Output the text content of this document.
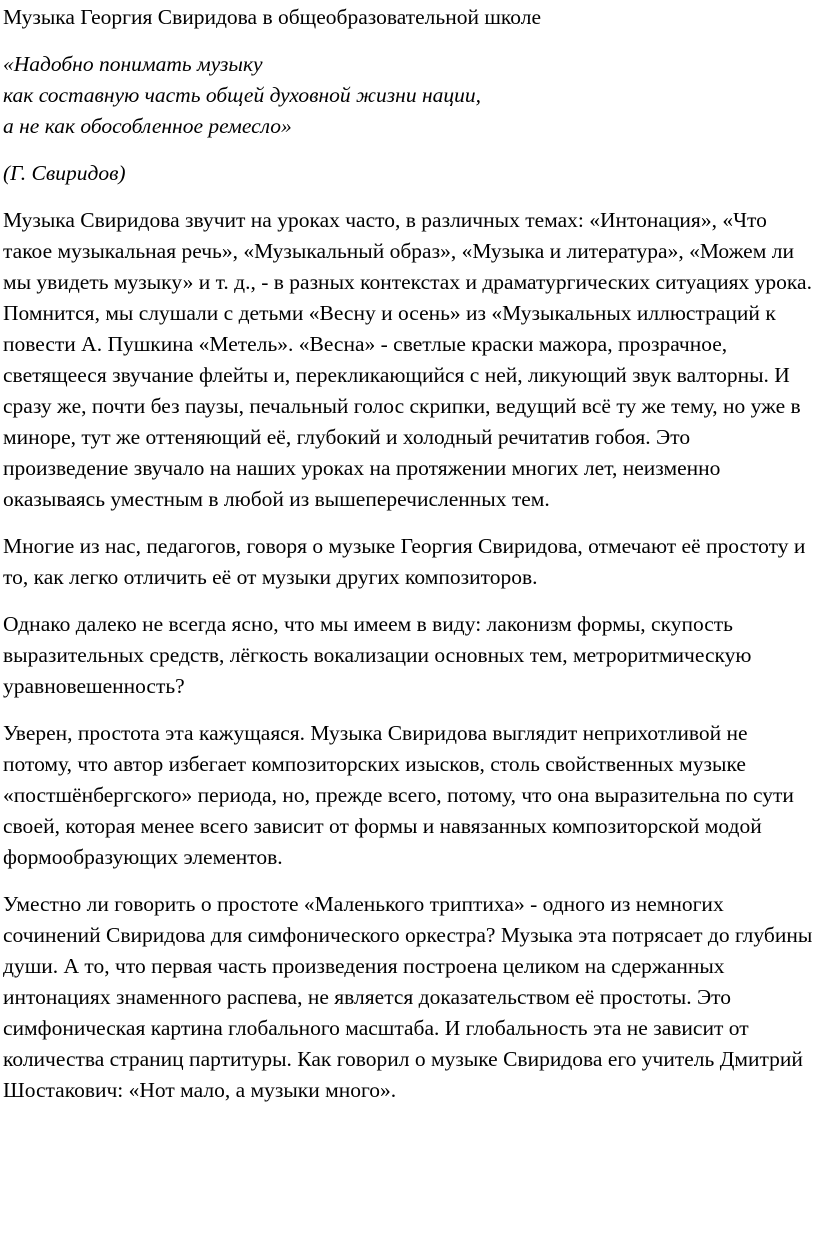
Музыка Георгия Свиридова в общеобразовательной школе
«Надобно понимать музыку
как составную часть общей духовной жизни нации,
а не как обособленное ремесло»

(Г. Свиридов)

Музыка Свиридова звучит на уроках часто, в различных темах: «Интонация», «Что такое музыкальная речь», «Музыкальный образ», «Музыка и литература», «Можем ли мы увидеть музыку» и т. д., - в разных контекстах и драматургических ситуациях урока. Помнится, мы слушали с детьми «Весну и осень» из «Музыкальных иллюстраций к повести А. Пушкина «Метель». «Весна» - светлые краски мажора, прозрачное, светящееся звучание флейты и, перекликающийся с ней, ликующий звук валторны. И сразу же, почти без паузы, печальный голос скрипки, ведущий всё ту же тему, но уже в миноре, тут же оттеняющий её, глубокий и холодный речитатив гобоя. Это произведение звучало на наших уроках на протяжении многих лет, неизменно оказываясь уместным в любой из вышеперечисленных тем.

Многие из нас, педагогов, говоря о музыке Георгия Свиридова, отмечают её простоту и то, как легко отличить её от музыки других композиторов.

Однако далеко не всегда ясно, что мы имеем в виду: лаконизм формы, скупость выразительных средств, лёгкость вокализации основных тем, метроритмическую уравновешенность?

Уверен, простота эта кажущаяся. Музыка Свиридова выглядит неприхотливой не потому, что автор избегает композиторских изысков, столь свойственных музыке «постшёнбергского» периода, но, прежде всего, потому, что она выразительна по сути своей, которая менее всего зависит от формы и навязанных композиторской модой формообразующих элементов.

Уместно ли говорить о простоте «Маленького триптиха» - одного из немногих сочинений Свиридова для симфонического оркестра? Музыка эта потрясает до глубины души. А то, что первая часть произведения построена целиком на сдержанных интонациях знаменного распева, не является доказательством её простоты. Это симфоническая картина глобального масштаба. И глобальность эта не зависит от количества страниц партитуры. Как говорил о музыке Свиридова его учитель Дмитрий Шостакович: «Нот мало, а музыки много».
